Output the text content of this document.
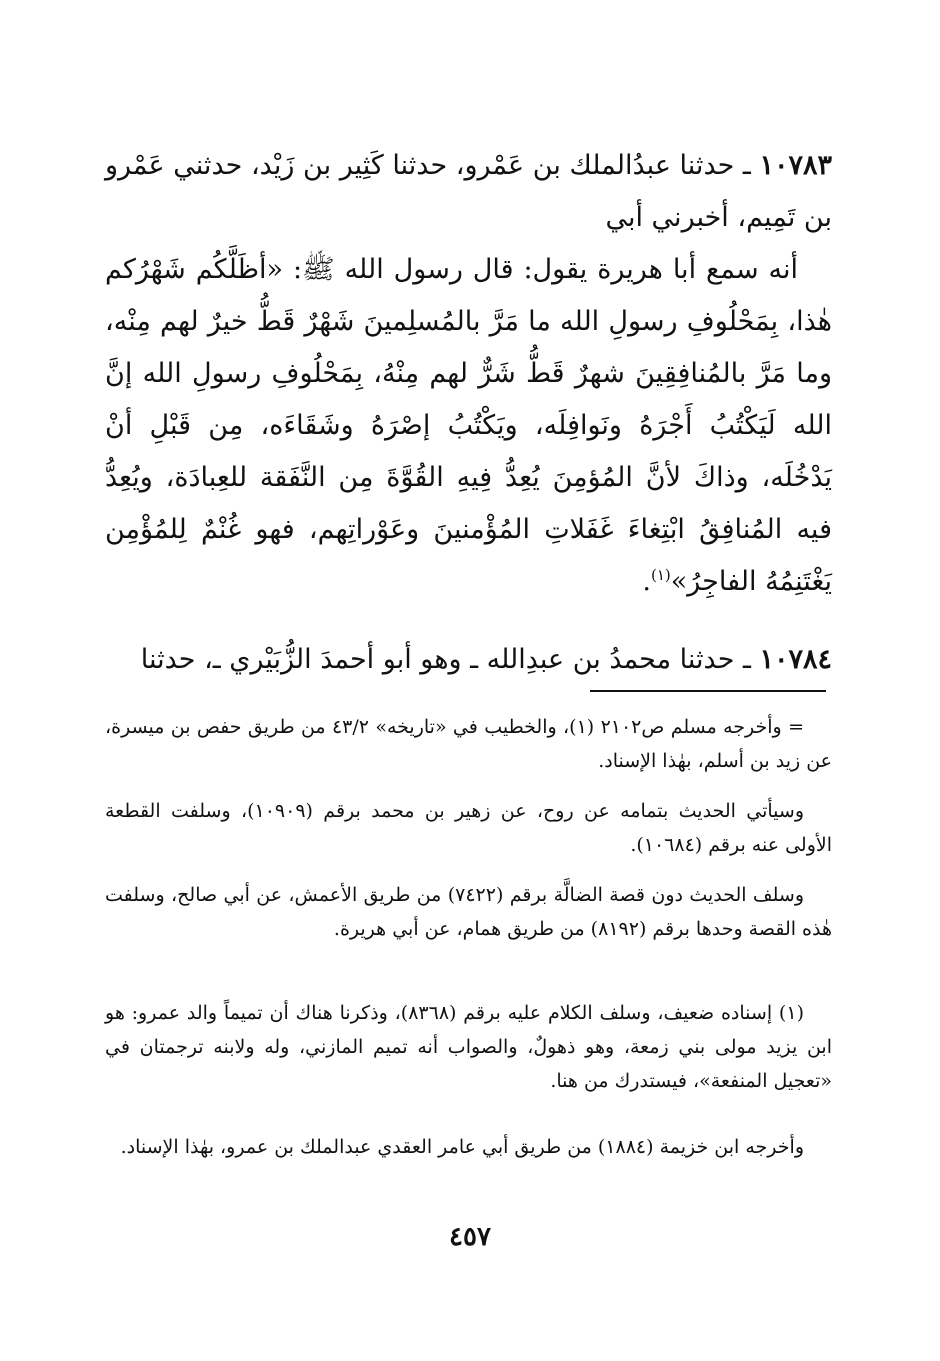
١٠٧٨٣ ـ حدثنا عبدُالملك بن عَمْرو، حدثنا كَثِير بن زَيْد، حدثني عَمْرو بن تَمِيم، أخبرني أبي

أنه سمع أبا هريرة يقول: قال رسول الله ﷺ: «أظَلَّكُم شَهْرُكم هٰذا، بِمَحْلُوفِ رسولِ الله ما مَرَّ بالمُسلِمينَ شَهْرٌ قَطُّ خيرٌ لهم مِنْه، وما مَرَّ بالمُنافِقِينَ شهرٌ قَطُّ شَرٌّ لهم مِنْهُ، بِمَحْلُوفِ رسولِ الله إنَّ الله لَيَكْتُبُ أَجْرَهُ ونَوافِلَه، ويَكْتُبُ إصْرَهُ وشَقَاءَه، مِن قَبْلِ أنْ يَدْخُلَه، وذاكَ لأنَّ المُؤمِنَ يُعِدُّ فِيهِ القُوَّةَ مِن النَّفَقة للعِبادَة، ويُعِدُّ فيه المُنافِقُ ابْتِغاءَ غَفَلاتِ المُؤْمنينَ وعَوْراتِهم، فهو غُنْمٌ لِلمُؤْمِن يَغْتَنِمُهُ الفاجِرُ»$^{(١)}$.

١٠٧٨٤ ـ حدثنا محمدُ بن عبدِالله ـ وهو أبو أحمدَ الزُّبَيْري ـ، حدثنا

= وأخرجه مسلم ص٢١٠٢ (١)، والخطيب في «تاريخه» ٤٣/٢ من طريق حفص بن ميسرة، عن زيد بن أسلم، بهٰذا الإسناد.

وسيأتي الحديث بتمامه عن روح، عن زهير بن محمد برقم (١٠٩٠٩)، وسلفت القطعة الأولى عنه برقم (١٠٦٨٤).

وسلف الحديث دون قصة الضالَّة برقم (٧٤٢٢) من طريق الأعمش، عن أبي صالح، وسلفت هٰذه القصة وحدها برقم (٨١٩٢) من طريق همام، عن أبي هريرة.

(١) إسناده ضعيف، وسلف الكلام عليه برقم (٨٣٦٨)، وذكرنا هناك أن تميماً والد عمرو: هو ابن يزيد مولى بني زمعة، وهو ذهولٌ، والصواب أنه تميم المازني، وله ولابنه ترجمتان في «تعجيل المنفعة»، فيستدرك من هنا.

وأخرجه ابن خزيمة (١٨٨٤) من طريق أبي عامر العقدي عبدالملك بن عمرو، بهٰذا الإسناد.

٤٥٧
